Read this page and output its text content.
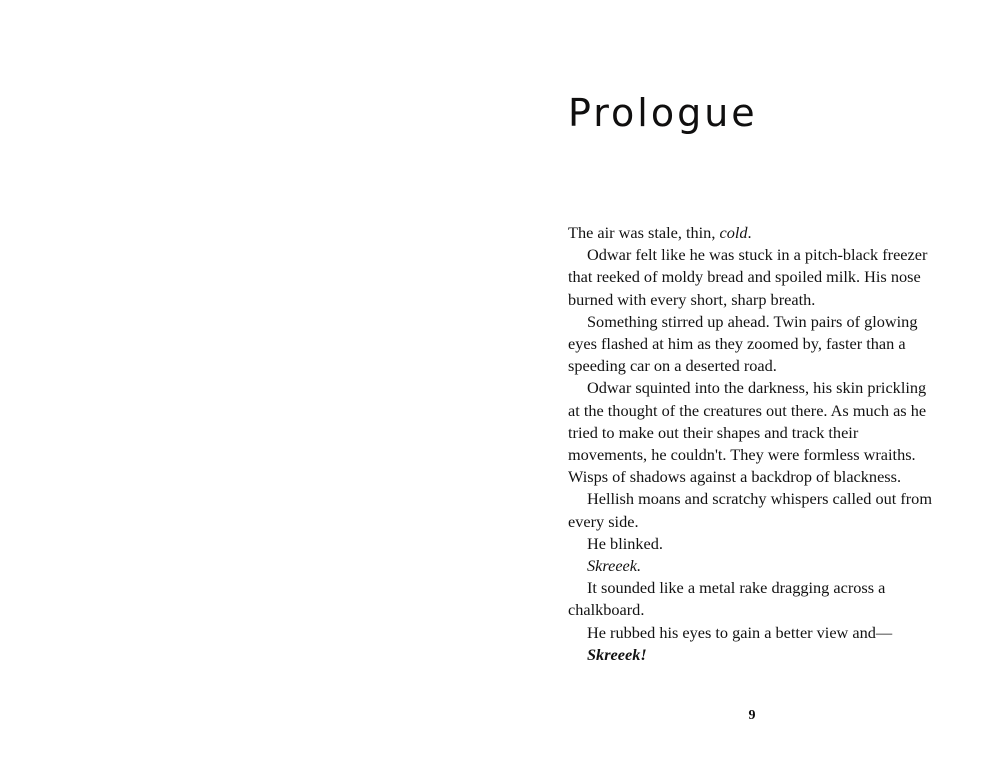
Prologue

The air was stale, thin, cold.

Odwar felt like he was stuck in a pitch-black freezer that reeked of moldy bread and spoiled milk. His nose burned with every short, sharp breath.

Something stirred up ahead. Twin pairs of glowing eyes flashed at him as they zoomed by, faster than a speeding car on a deserted road.

Odwar squinted into the darkness, his skin prickling at the thought of the creatures out there. As much as he tried to make out their shapes and track their movements, he couldn't. They were formless wraiths. Wisps of shadows against a backdrop of blackness.

Hellish moans and scratchy whispers called out from every side.

He blinked.

Skreeek.

It sounded like a metal rake dragging across a chalkboard.

He rubbed his eyes to gain a better view and—

Skreeek!

9
